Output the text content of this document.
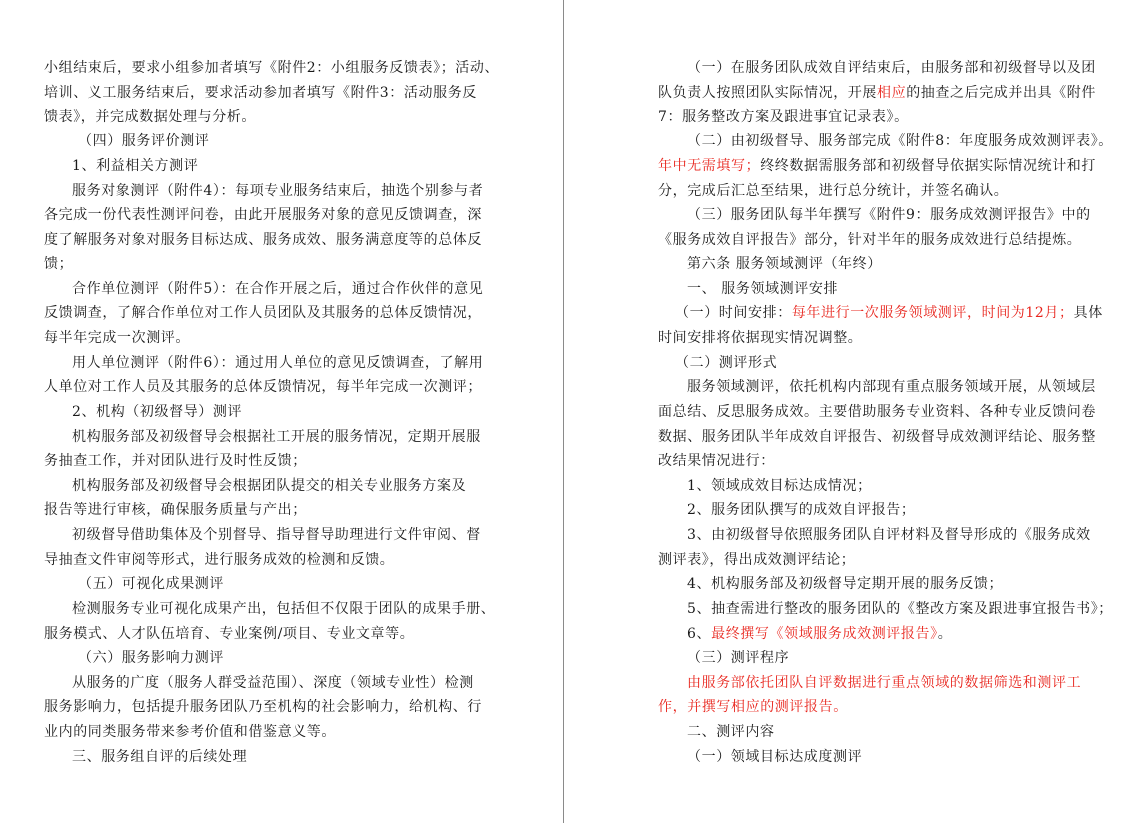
小组结束后，要求小组参加者填写《附件2：小组服务反馈表》；活动、
培训、义工服务结束后，要求活动参加者填写《附件3：活动服务反
馈表》，并完成数据处理与分析。
（四）服务评价测评
1、利益相关方测评
服务对象测评（附件4）：每项专业服务结束后，抽选个别参与者
各完成一份代表性测评问卷，由此开展服务对象的意见反馈调查，深
度了解服务对象对服务目标达成、服务成效、服务满意度等的总体反
馈；
合作单位测评（附件5）：在合作开展之后，通过合作伙伴的意见
反馈调查，了解合作单位对工作人员团队及其服务的总体反馈情况，
每半年完成一次测评。
用人单位测评（附件6）：通过用人单位的意见反馈调查，了解用
人单位对工作人员及其服务的总体反馈情况，每半年完成一次测评；
2、机构（初级督导）测评
机构服务部及初级督导会根据社工开展的服务情况，定期开展服
务抽查工作，并对团队进行及时性反馈；
机构服务部及初级督导会根据团队提交的相关专业服务方案及
报告等进行审核，确保服务质量与产出；
初级督导借助集体及个别督导、指导督导助理进行文件审阅、督
导抽查文件审阅等形式，进行服务成效的检测和反馈。
（五）可视化成果测评
检测服务专业可视化成果产出，包括但不仅限于团队的成果手册、
服务模式、人才队伍培育、专业案例/项目、专业文章等。
（六）服务影响力测评
从服务的广度（服务人群受益范围）、深度（领域专业性）检测
服务影响力，包括提升服务团队乃至机构的社会影响力，给机构、行
业内的同类服务带来参考价值和借鉴意义等。
三、服务组自评的后续处理
（一）在服务团队成效自评结束后，由服务部和初级督导以及团
队负责人按照团队实际情况，开展相应的抽查之后完成并出具《附件
7：服务整改方案及跟进事宜记录表》。
（二）由初级督导、服务部完成《附件8：年度服务成效测评表》。
年中无需填写；终终数据需服务部和初级督导依据实际情况统计和打
分，完成后汇总至结果，进行总分统计，并签名确认。
（三）服务团队每半年撰写《附件9：服务成效测评报告》中的
《服务成效自评报告》部分，针对半年的服务成效进行总结提炼。
第六条 服务领域测评（年终）
一、 服务领域测评安排
（一）时间安排：每年进行一次服务领域测评，时间为12月；具体
时间安排将依据现实情况调整。
（二）测评形式
服务领域测评，依托机构内部现有重点服务领域开展，从领域层
面总结、反思服务成效。主要借助服务专业资料、各种专业反馈问卷
数据、服务团队半年成效自评报告、初级督导成效测评结论、服务整
改结果情况进行：
1、领域成效目标达成情况；
2、服务团队撰写的成效自评报告；
3、由初级督导依照服务团队自评材料及督导形成的《服务成效
测评表》，得出成效测评结论；
4、机构服务部及初级督导定期开展的服务反馈；
5、抽查需进行整改的服务团队的《整改方案及跟进事宜报告书》；
6、最终撰写《领域服务成效测评报告》。
（三）测评程序
由服务部依托团队自评数据进行重点领域的数据筛选和测评工
作，并撰写相应的测评报告。
二、测评内容
（一）领域目标达成度测评
